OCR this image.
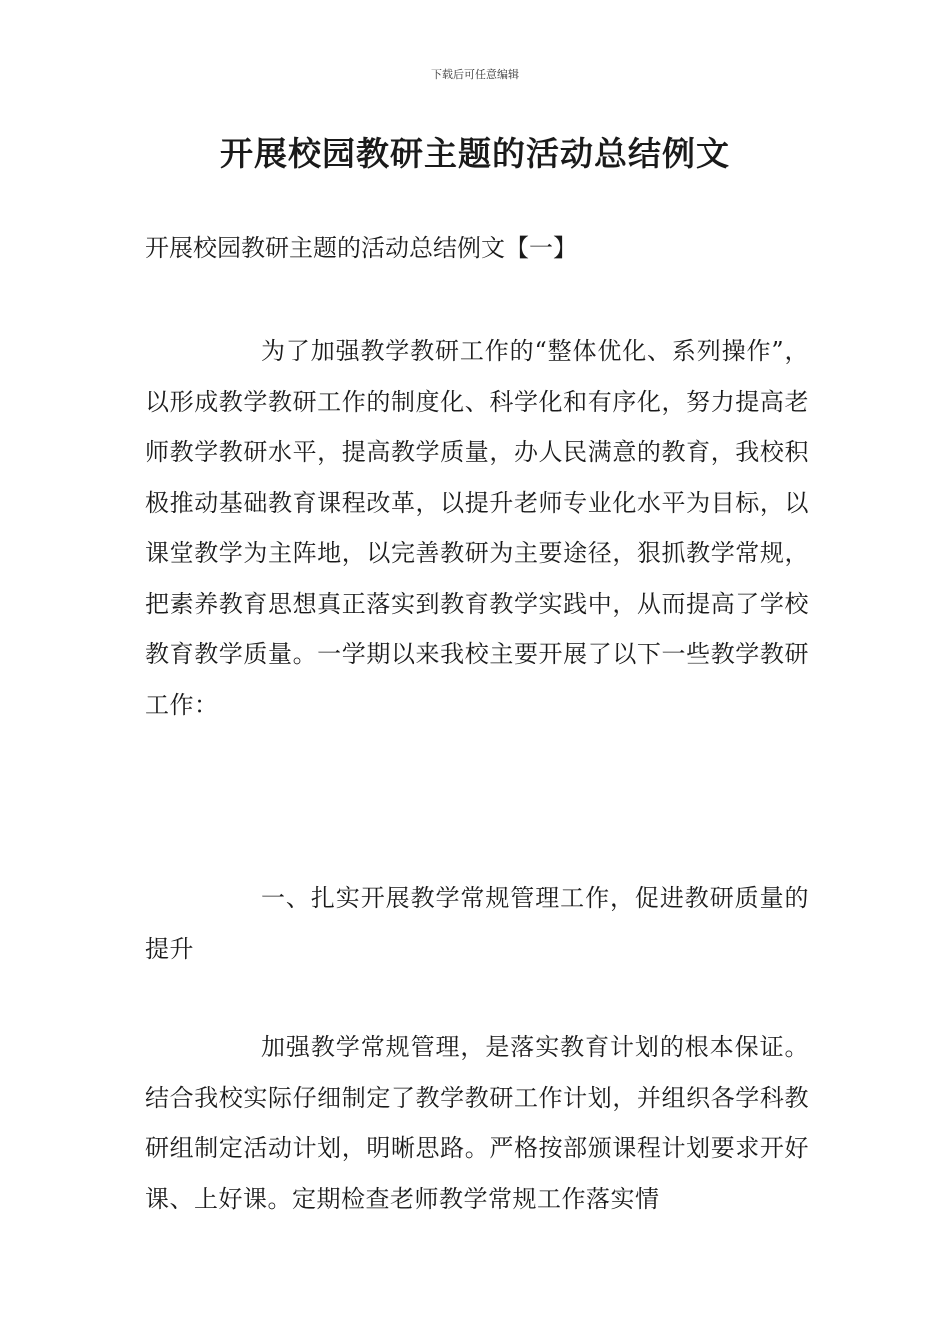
下载后可任意编辑
开展校园教研主题的活动总结例文

开展校园教研主题的活动总结例文【一】

为了加强教学教研工作的“整体优化、系列操作”，以形成教学教研工作的制度化、科学化和有序化，努力提高老师教学教研水平，提高教学质量，办人民满意的教育，我校积极推动基础教育课程改革，以提升老师专业化水平为目标，以课堂教学为主阵地，以完善教研为主要途径，狠抓教学常规，把素养教育思想真正落实到教育教学实践中，从而提高了学校教育教学质量。一学期以来我校主要开展了以下一些教学教研工作：

一、扎实开展教学常规管理工作，促进教研质量的提升

加强教学常规管理，是落实教育计划的根本保证。结合我校实际仔细制定了教学教研工作计划，并组织各学科教研组制定活动计划，明晰思路。严格按部颁课程计划要求开好课、上好课。定期检查老师教学常规工作落实情
